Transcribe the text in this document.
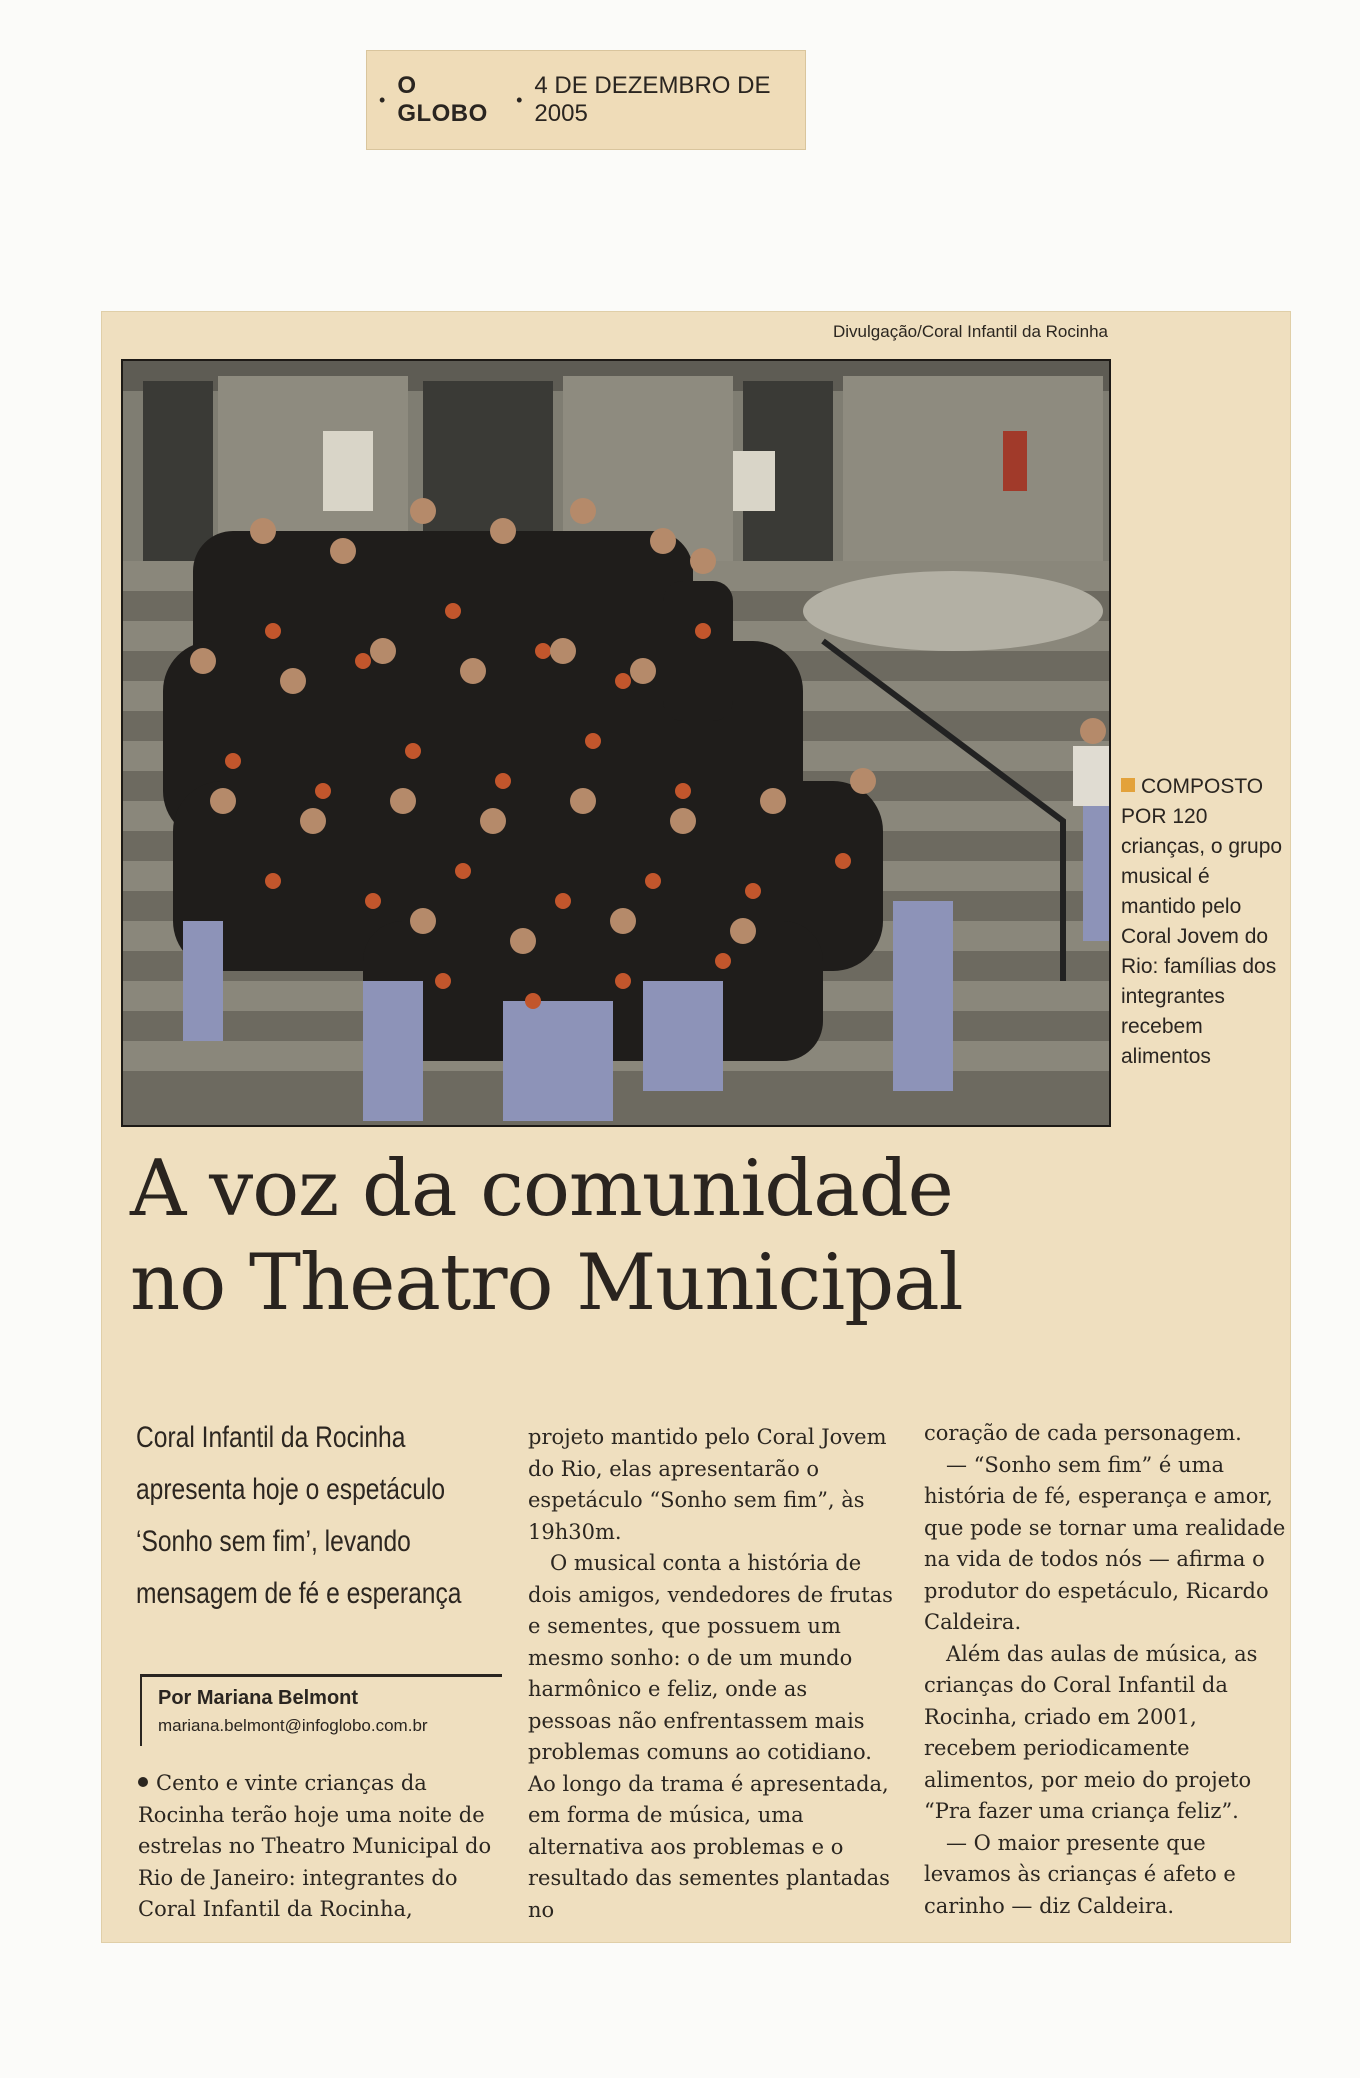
•
O GLOBO
•
4 DE DEZEMBRO DE 2005
Divulgação/Coral Infantil da Rocinha
COMPOSTO POR 120 crianças, o grupo musical é mantido pelo Coral Jovem do Rio: famílias dos integrantes recebem alimentos
A voz da comunidade
no Theatro Municipal
Coral Infantil da Rocinha apresenta hoje o espetáculo ‘Sonho sem fim’, levando mensagem de fé e esperança
Por Mariana Belmont
mariana.belmont@infoglobo.com.br

Cento e vinte crianças da Rocinha terão hoje uma noite de estrelas no Theatro Municipal do Rio de Janeiro: integrantes do Coral Infantil da Rocinha,

projeto mantido pelo Coral Jovem do Rio, elas apresentarão o espetáculo “Sonho sem fim”, às 19h30m.

O musical conta a história de dois amigos, vendedores de frutas e sementes, que possuem um mesmo sonho: o de um mundo harmônico e feliz, onde as pessoas não enfrentassem mais problemas comuns ao cotidiano. Ao longo da trama é apresentada, em forma de música, uma alternativa aos problemas e o resultado das sementes plantadas no

coração de cada personagem.

— “Sonho sem fim” é uma história de fé, esperança e amor, que pode se tornar uma realidade na vida de todos nós — afirma o produtor do espetáculo, Ricardo Caldeira.

Além das aulas de música, as crianças do Coral Infantil da Rocinha, criado em 2001, recebem periodicamente alimentos, por meio do projeto “Pra fazer uma criança feliz”.

— O maior presente que levamos às crianças é afeto e carinho — diz Caldeira.
